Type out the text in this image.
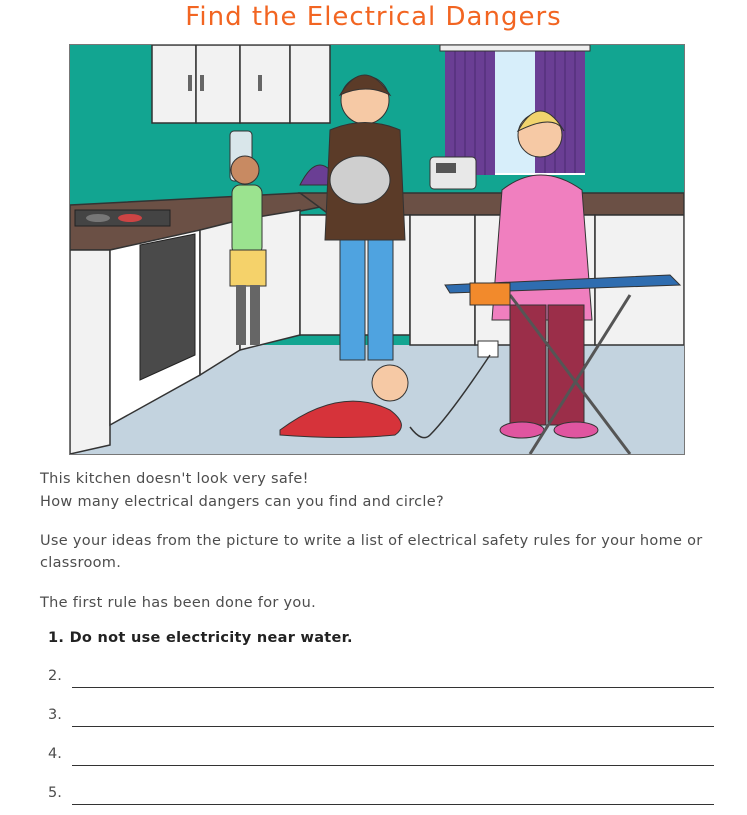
Find the Electrical Dangers
This kitchen doesn't look very safe!
How many electrical dangers can you find and circle?
Use your ideas from the picture to write a list of electrical safety rules for your home or classroom.
The first rule has been done for you.
1. Do not use electricity near water.
2.
3.
4.
5.
